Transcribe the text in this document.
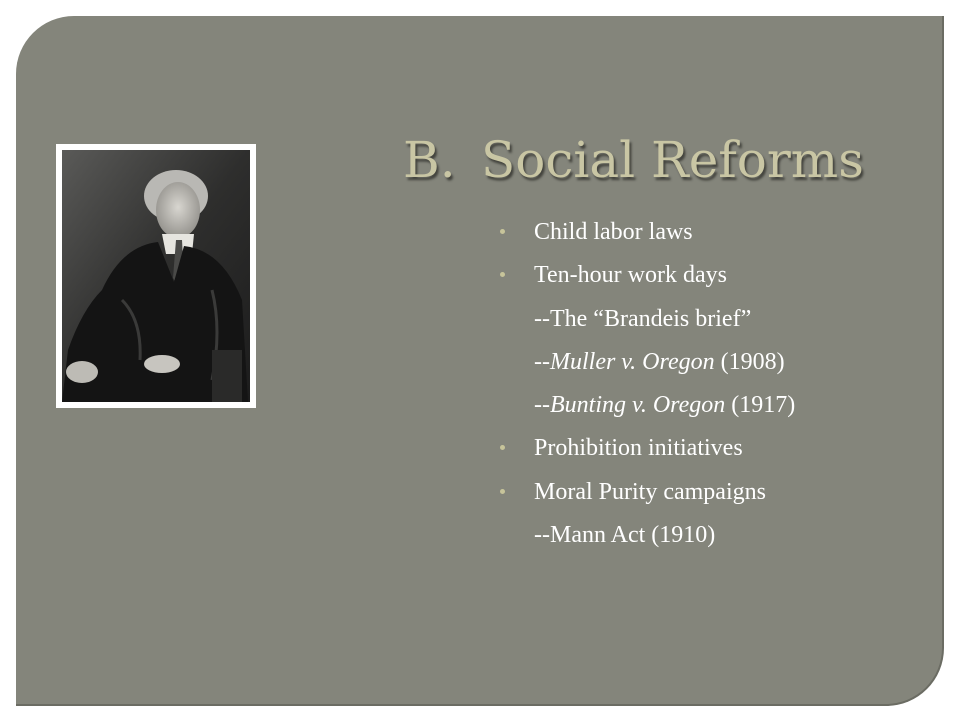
B. Social Reforms
Child labor laws
Ten-hour work days
--The “Brandeis brief”
--Muller v. Oregon (1908)
--Bunting v. Oregon (1917)
Prohibition initiatives
Moral Purity campaigns
--Mann Act (1910)
